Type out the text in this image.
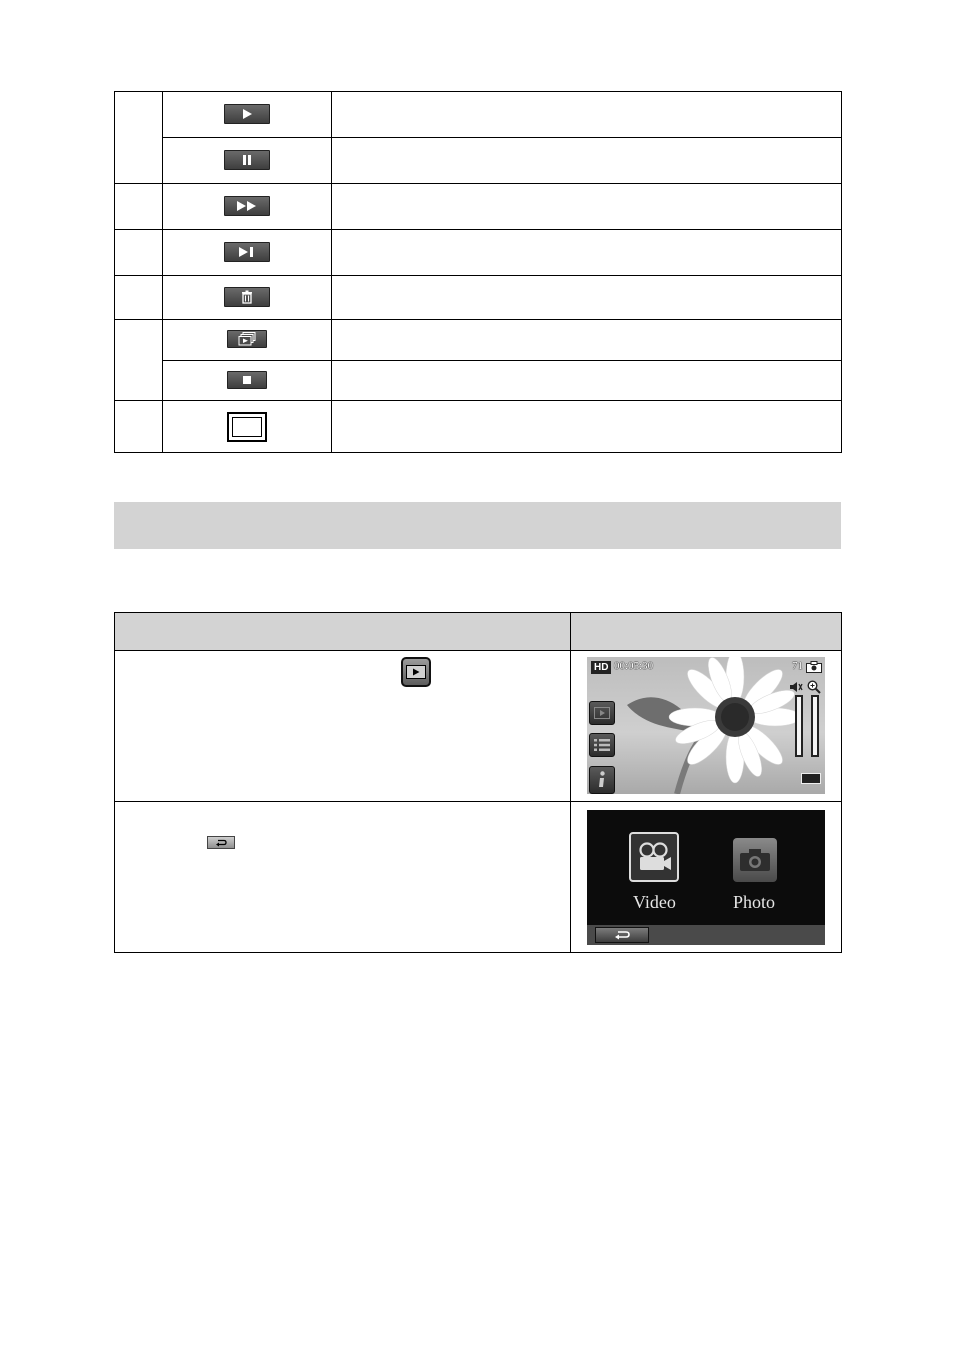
HD 00:05:30 71

Video Photo
